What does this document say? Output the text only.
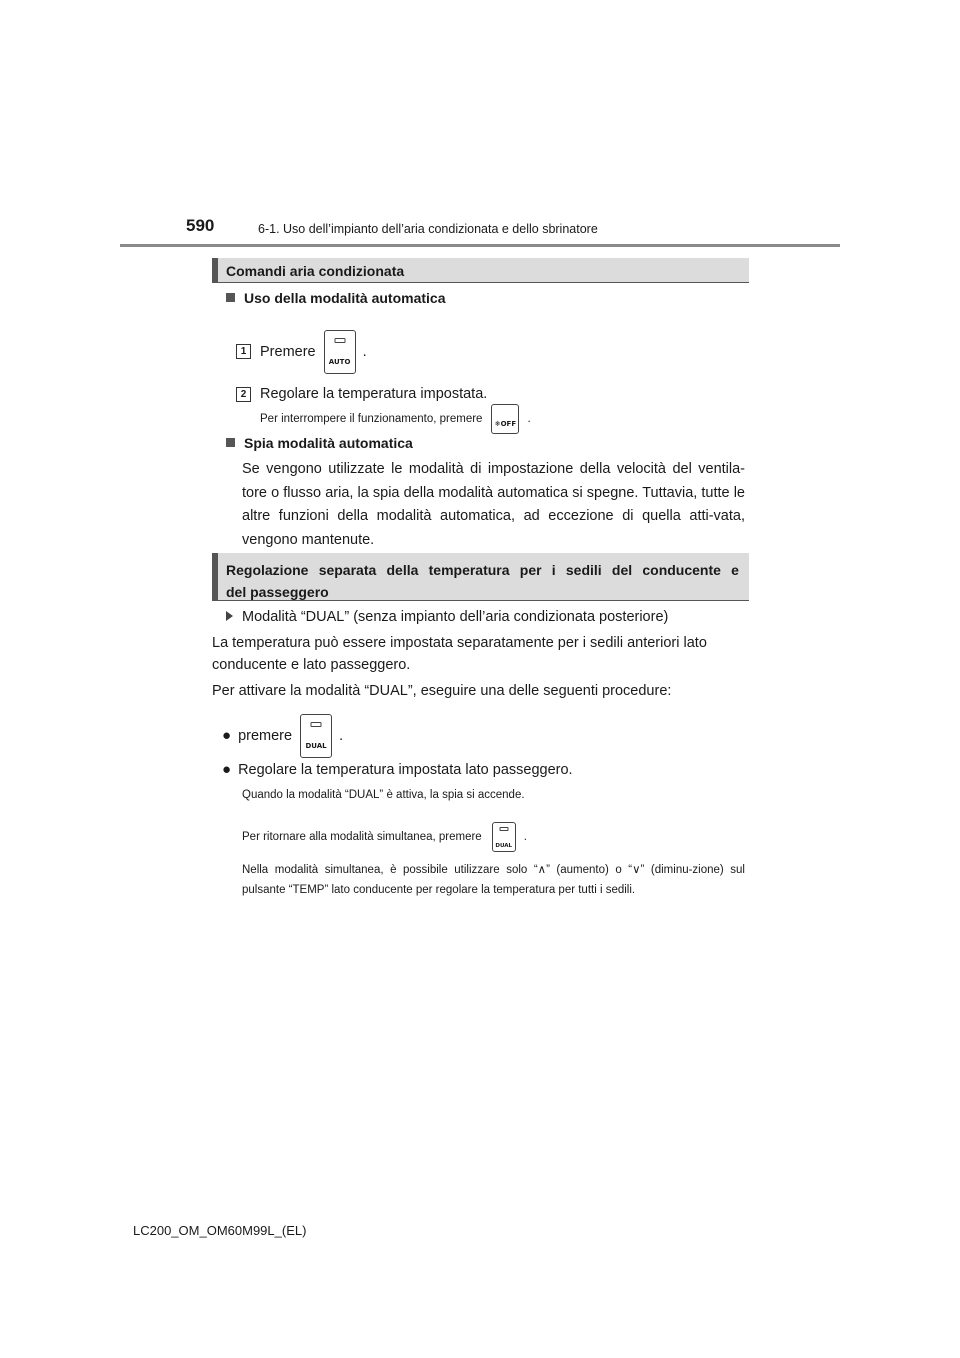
590	6-1. Uso dell’impianto dell’aria condizionata e dello sbrinatore
Comandi aria condizionata
Uso della modalità automatica
1 Premere
AUTO
.
2 Regolare la temperatura impostata.
Per interrompere il funzionamento, premere	❄OFF .
Spia modalità automatica
Se vengono utilizzate le modalità di impostazione della velocità del ventila-tore o flusso aria, la spia della modalità automatica si spegne. Tuttavia, tutte le altre funzioni della modalità automatica, ad eccezione di quella atti-vata, vengono mantenute.
Regolazione separata della temperatura per i sedili del conducente e
del passeggero
Modalità “DUAL” (senza impianto dell’aria condizionata posteriore)
La temperatura può essere impostata separatamente per i sedili anteriori lato conducente e lato passeggero.
Per attivare la modalità “DUAL”, eseguire una delle seguenti procedure:
● premere
DUAL
.
● Regolare la temperatura impostata lato passeggero.
Quando la modalità “DUAL” è attiva, la spia si accende.
Per ritornare alla modalità simultanea, premere
DUAL
.
Nella modalità simultanea, è possibile utilizzare solo “∧” (aumento) o “∨” (diminu-zione) sul pulsante “TEMP” lato conducente per regolare la temperatura per tutti i sedili.
LC200_OM_OM60M99L_(EL)
